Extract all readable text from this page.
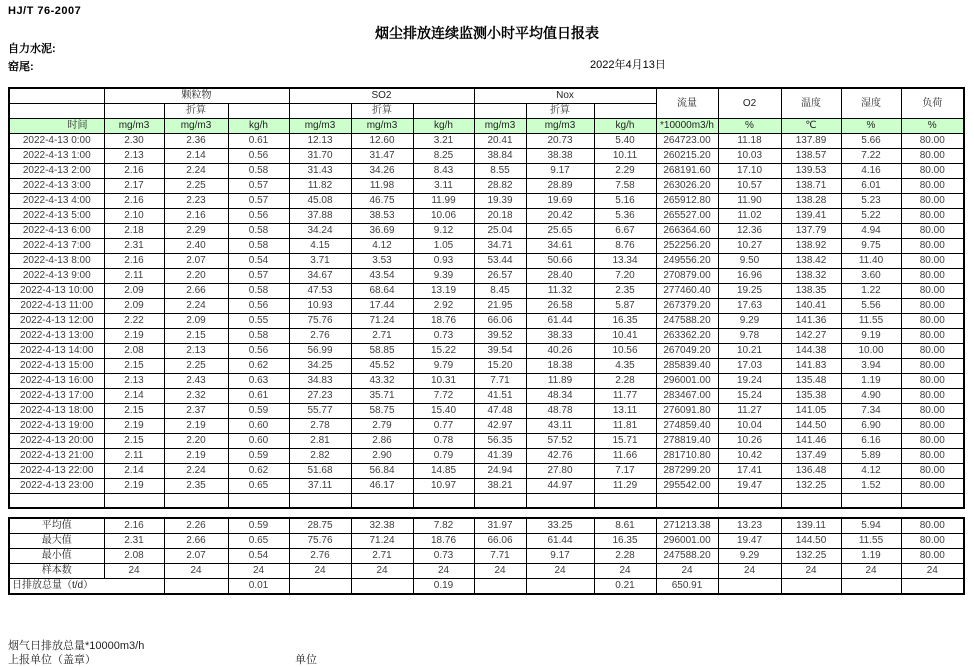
HJ/T 76-2007
烟尘排放连续监测小时平均值日报表
自力水泥:
窑尾:	2022年4月13日
	颗粒物			SO2			Nox			流量	O2	温度	湿度	负荷
		折算			折算			折算						
时间	mg/m3	mg/m3	kg/h	mg/m3	mg/m3	kg/h	mg/m3	mg/m3	kg/h	*10000m3/h	%	℃	%	%
2022-4-13 0:00	2.30	2.36	0.61	12.13	12.60	3.21	20.41	20.73	5.40	264723.00	11.18	137.89	5.66	80.00
2022-4-13 1:00	2.13	2.14	0.56	31.70	31.47	8.25	38.84	38.38	10.11	260215.20	10.03	138.57	7.22	80.00
2022-4-13 2:00	2.16	2.24	0.58	31.43	34.26	8.43	8.55	9.17	2.29	268191.60	17.10	139.53	4.16	80.00
2022-4-13 3:00	2.17	2.25	0.57	11.82	11.98	3.11	28.82	28.89	7.58	263026.20	10.57	138.71	6.01	80.00
2022-4-13 4:00	2.16	2.23	0.57	45.08	46.75	11.99	19.39	19.69	5.16	265912.80	11.90	138.28	5.23	80.00
2022-4-13 5:00	2.10	2.16	0.56	37.88	38.53	10.06	20.18	20.42	5.36	265527.00	11.02	139.41	5.22	80.00
2022-4-13 6:00	2.18	2.29	0.58	34.24	36.69	9.12	25.04	25.65	6.67	266364.60	12.36	137.79	4.94	80.00
2022-4-13 7:00	2.31	2.40	0.58	4.15	4.12	1.05	34.71	34.61	8.76	252256.20	10.27	138.92	9.75	80.00
2022-4-13 8:00	2.16	2.07	0.54	3.71	3.53	0.93	53.44	50.66	13.34	249556.20	9.50	138.42	11.40	80.00
2022-4-13 9:00	2.11	2.20	0.57	34.67	43.54	9.39	26.57	28.40	7.20	270879.00	16.96	138.32	3.60	80.00
2022-4-13 10:00	2.09	2.66	0.58	47.53	68.64	13.19	8.45	11.32	2.35	277460.40	19.25	138.35	1.22	80.00
2022-4-13 11:00	2.09	2.24	0.56	10.93	17.44	2.92	21.95	26.58	5.87	267379.20	17.63	140.41	5.56	80.00
2022-4-13 12:00	2.22	2.09	0.55	75.76	71.24	18.76	66.06	61.44	16.35	247588.20	9.29	141.36	11.55	80.00
2022-4-13 13:00	2.19	2.15	0.58	2.76	2.71	0.73	39.52	38.33	10.41	263362.20	9.78	142.27	9.19	80.00
2022-4-13 14:00	2.08	2.13	0.56	56.99	58.85	15.22	39.54	40.26	10.56	267049.20	10.21	144.38	10.00	80.00
2022-4-13 15:00	2.15	2.25	0.62	34.25	45.52	9.79	15.20	18.38	4.35	285839.40	17.03	141.83	3.94	80.00
2022-4-13 16:00	2.13	2.43	0.63	34.83	43.32	10.31	7.71	11.89	2.28	296001.00	19.24	135.48	1.19	80.00
2022-4-13 17:00	2.14	2.32	0.61	27.23	35.71	7.72	41.51	48.34	11.77	283467.00	15.24	135.38	4.90	80.00
2022-4-13 18:00	2.15	2.37	0.59	55.77	58.75	15.40	47.48	48.78	13.11	276091.80	11.27	141.05	7.34	80.00
2022-4-13 19:00	2.19	2.19	0.60	2.78	2.79	0.77	42.97	43.11	11.81	274859.40	10.04	144.50	6.90	80.00
2022-4-13 20:00	2.15	2.20	0.60	2.81	2.86	0.78	56.35	57.52	15.71	278819.40	10.26	141.46	6.16	80.00
2022-4-13 21:00	2.11	2.19	0.59	2.82	2.90	0.79	41.39	42.76	11.66	281710.80	10.42	137.49	5.89	80.00
2022-4-13 22:00	2.14	2.24	0.62	51.68	56.84	14.85	24.94	27.80	7.17	287299.20	17.41	136.48	4.12	80.00
2022-4-13 23:00	2.19	2.35	0.65	37.11	46.17	10.97	38.21	44.97	11.29	295542.00	19.47	132.25	1.52	80.00

平均值	2.16	2.26	0.59	28.75	32.38	7.82	31.97	33.25	8.61	271213.38	13.23	139.11	5.94	80.00
最大值	2.31	2.66	0.65	75.76	71.24	18.76	66.06	61.44	16.35	296001.00	19.47	144.50	11.55	80.00
最小值	2.08	2.07	0.54	2.76	2.71	0.73	7.71	9.17	2.28	247588.20	9.29	132.25	1.19	80.00
样本数	24	24	24	24	24	24	24	24	24	24	24	24	24	24
日排放总量（t/d）			0.01			0.19			0.21	650.91				
烟气日排放总量*10000m3/h
上报单位（盖章）	单位
